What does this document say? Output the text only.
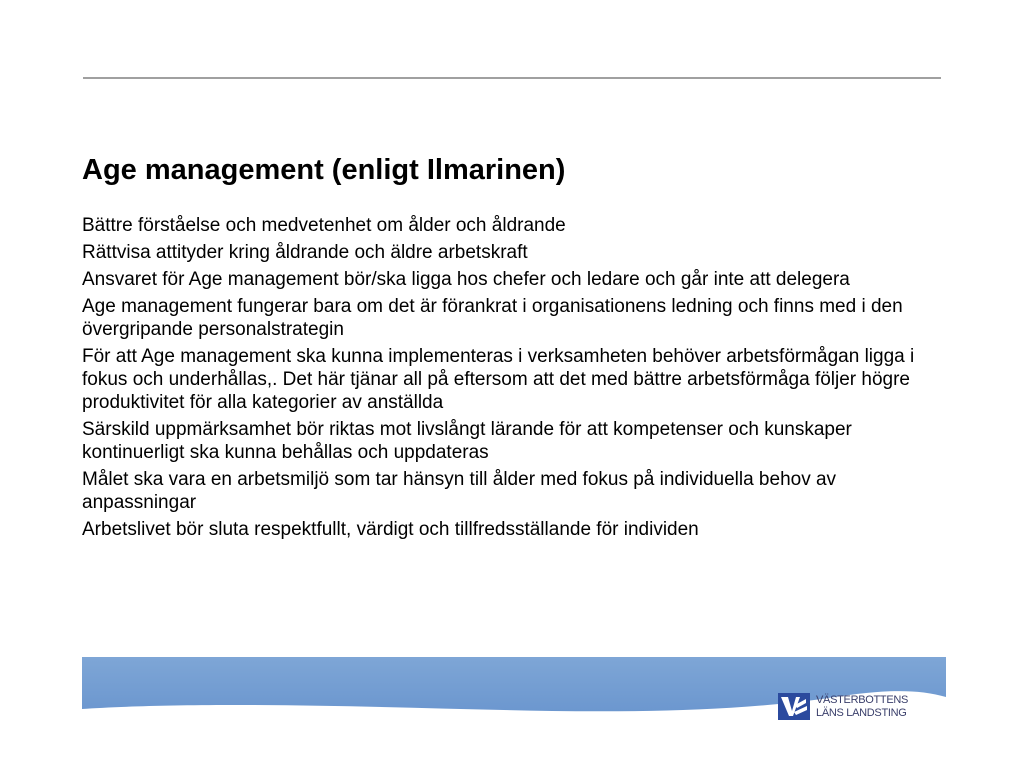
Age management (enligt Ilmarinen)
Bättre förståelse och medvetenhet om ålder och åldrande
Rättvisa attityder kring åldrande och äldre arbetskraft
Ansvaret för Age management bör/ska ligga hos chefer och ledare och går inte att delegera
Age management fungerar bara om det är förankrat i organisationens ledning och finns med i den övergripande personalstrategin
För att Age management ska kunna implementeras i verksamheten behöver arbetsförmågan ligga i fokus och underhållas,. Det här tjänar all på eftersom att det med bättre arbetsförmåga följer högre produktivitet för alla kategorier av anställda
Särskild uppmärksamhet bör riktas mot livslångt lärande för att kompetenser och kunskaper kontinuerligt ska kunna behållas och uppdateras
Målet ska vara en arbetsmiljö som tar hänsyn till ålder med fokus på individuella behov av anpassningar
Arbetslivet bör sluta respektfullt, värdigt och tillfredsställande för individen
VÄSTERBOTTENS
LÄNS LANDSTING
